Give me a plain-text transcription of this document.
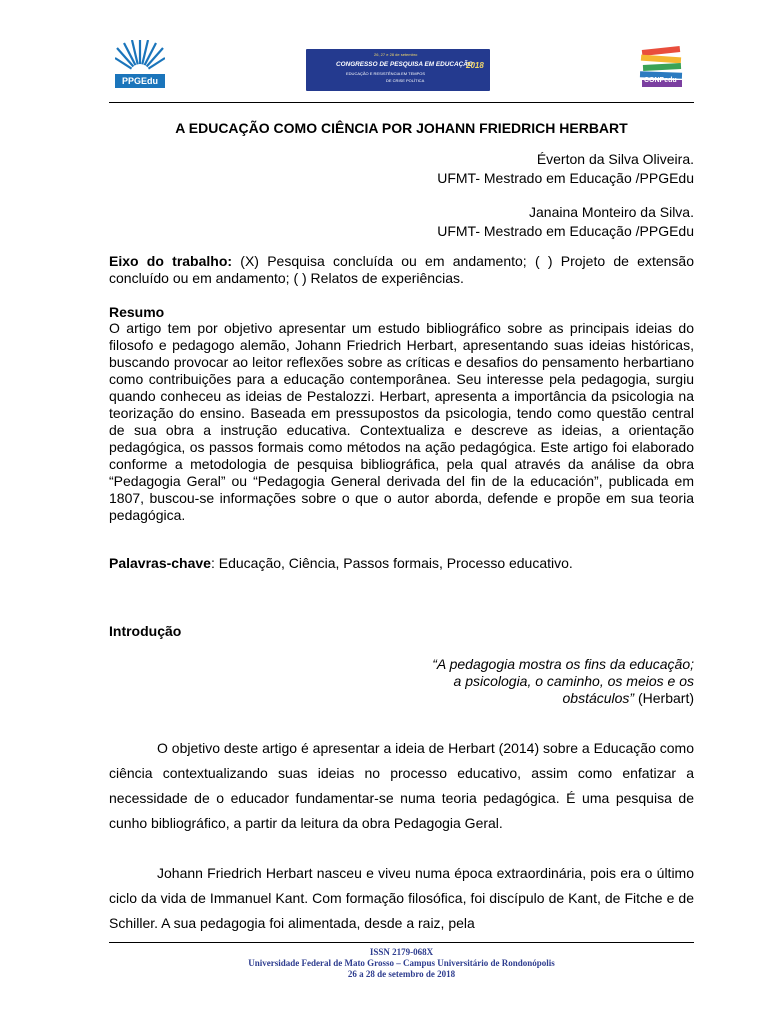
PPGEdu
26, 27 e 28 de setembro
CONGRESSO DE PESQUISA EM EDUCAÇÃO
2018
EDUCAÇÃO E RESISTÊNCIA EM TEMPOS
DE CRISE POLÍTICA	CONPedu
A EDUCAÇÃO COMO CIÊNCIA POR JOHANN FRIEDRICH HERBART
Éverton da Silva Oliveira.
UFMT- Mestrado em Educação /PPGEdu
Janaina Monteiro da Silva.
UFMT- Mestrado em Educação /PPGEdu
Eixo do trabalho: (X) Pesquisa concluída ou em andamento; ( ) Projeto de extensão concluído ou em andamento; ( ) Relatos de experiências.
Resumo
O artigo tem por objetivo apresentar um estudo bibliográfico sobre as principais ideias do filosofo e pedagogo alemão, Johann Friedrich Herbart, apresentando suas ideias históricas, buscando provocar ao leitor reflexões sobre as críticas e desafios do pensamento herbartiano como contribuições para a educação contemporânea. Seu interesse pela pedagogia, surgiu quando conheceu as ideias de Pestalozzi. Herbart, apresenta a importância da psicologia na teorização do ensino. Baseada em pressupostos da psicologia, tendo como questão central de sua obra a instrução educativa. Contextualiza e descreve as ideias, a orientação pedagógica, os passos formais como métodos na ação pedagógica. Este artigo foi elaborado conforme a metodologia de pesquisa bibliográfica, pela qual através da análise da obra “Pedagogia Geral” ou “Pedagogia General derivada del fin de la educación”, publicada em 1807, buscou-se informações sobre o que o autor aborda, defende e propõe em sua teoria pedagógica.
Palavras-chave: Educação, Ciência, Passos formais, Processo educativo.
Introdução
“A pedagogia mostra os fins da educação;
a psicologia, o caminho, os meios e os
obstáculos” (Herbart)
O objetivo deste artigo é apresentar a ideia de Herbart (2014) sobre a Educação como ciência contextualizando suas ideias no processo educativo, assim como enfatizar a necessidade de o educador fundamentar-se numa teoria pedagógica. É uma pesquisa de cunho bibliográfico, a partir da leitura da obra Pedagogia Geral.
Johann Friedrich Herbart nasceu e viveu numa época extraordinária, pois era o último ciclo da vida de Immanuel Kant. Com formação filosófica, foi discípulo de Kant, de Fitche e de Schiller. A sua pedagogia foi alimentada, desde a raiz, pela
ISSN 2179-068X
Universidade Federal de Mato Grosso – Campus Universitário de Rondonópolis
26 a 28 de setembro de 2018
